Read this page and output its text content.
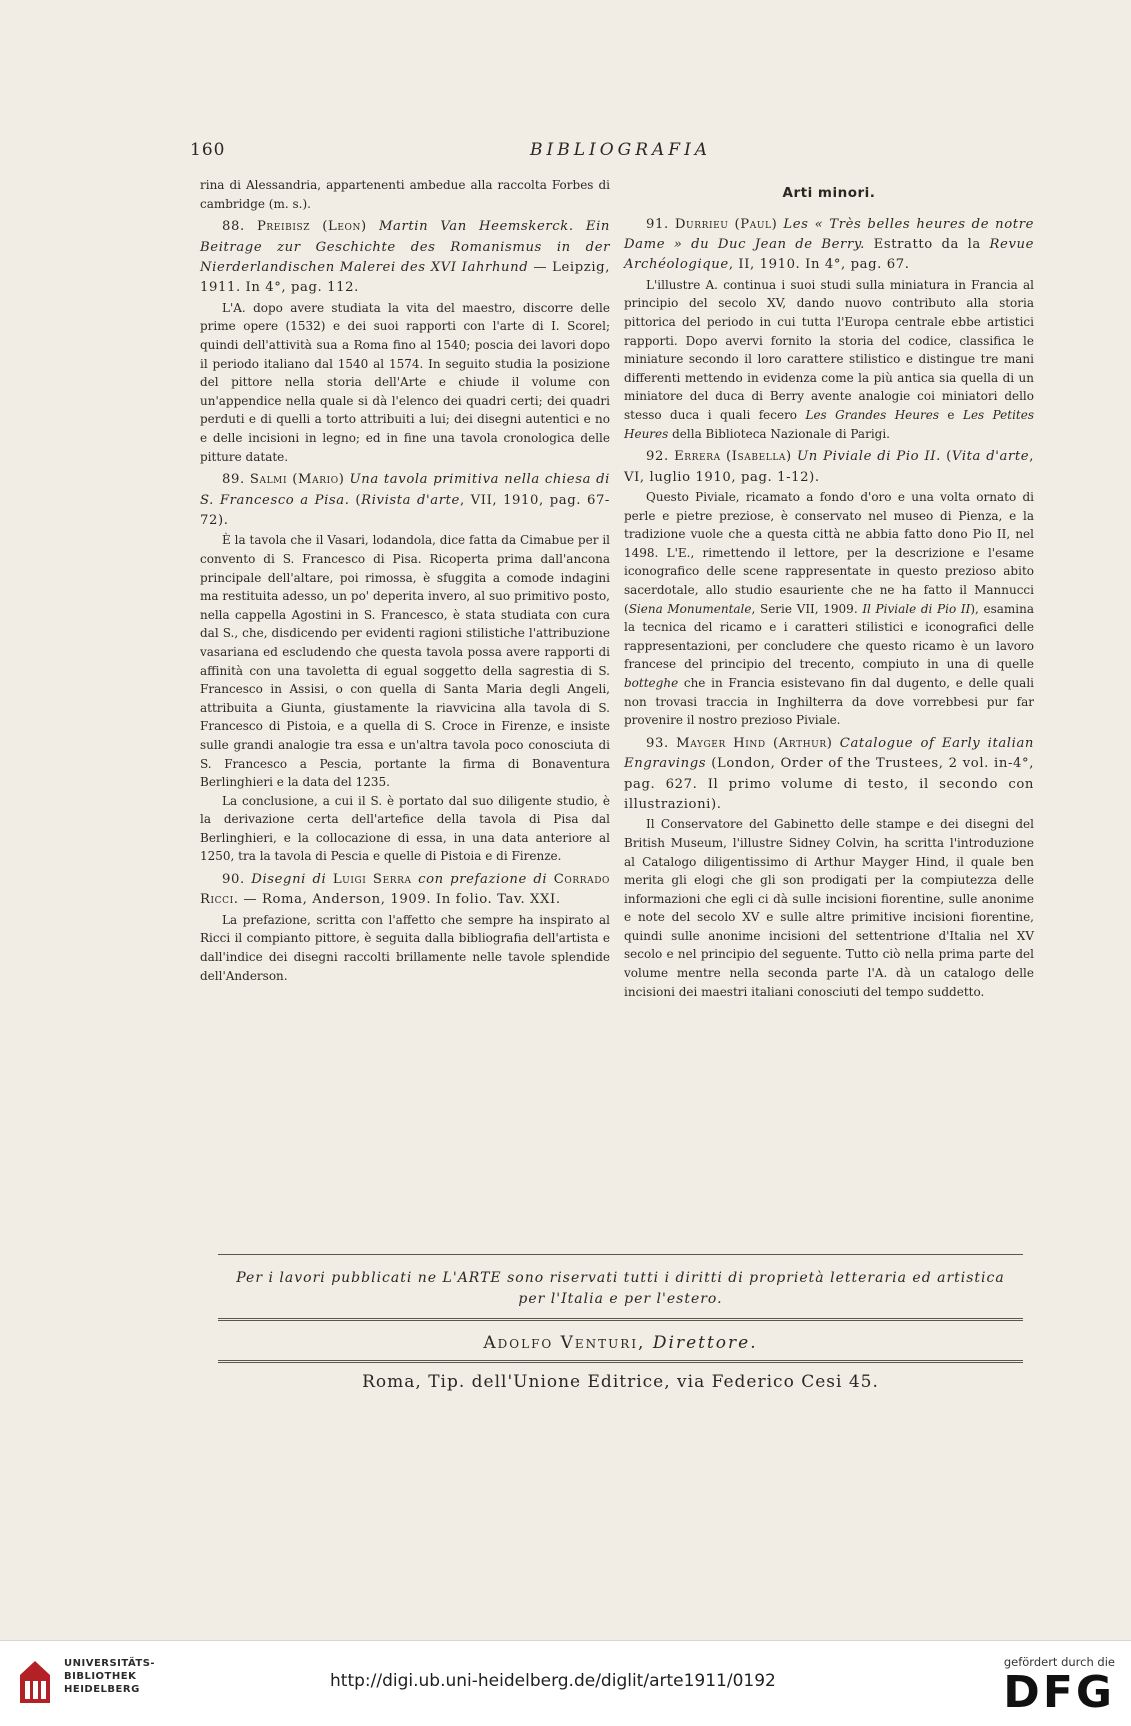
160	BIBLIOGRAFIA

rina di Alessandria, appartenenti ambedue alla raccolta Forbes di cambridge (m. s.).

88. Preibisz (Leon) Martin Van Heemskerck. Ein Beitrage zur Geschichte des Romanismus in der Nierderlandischen Malerei des XVI Iahrhund — Leipzig, 1911. In 4°, pag. 112.

L'A. dopo avere studiata la vita del maestro, discorre delle prime opere (1532) e dei suoi rapporti con l'arte di I. Scorel; quindi dell'attività sua a Roma fino al 1540; poscia dei lavori dopo il periodo italiano dal 1540 al 1574. In seguito studia la posizione del pittore nella storia dell'Arte e chiude il volume con un'appendice nella quale si dà l'elenco dei quadri certi; dei quadri perduti e di quelli a torto attribuiti a lui; dei disegni autentici e no e delle incisioni in legno; ed in fine una tavola cronologica delle pitture datate.

89. Salmi (Mario) Una tavola primitiva nella chiesa di S. Francesco a Pisa. (Rivista d'arte, VII, 1910, pag. 67-72).

È la tavola che il Vasari, lodandola, dice fatta da Cimabue per il convento di S. Francesco di Pisa. Ricoperta prima dall'ancona principale dell'altare, poi rimossa, è sfuggita a comode indagini ma restituita adesso, un po' deperita invero, al suo primitivo posto, nella cappella Agostini in S. Francesco, è stata studiata con cura dal S., che, disdicendo per evidenti ragioni stilistiche l'attribuzione vasariana ed escludendo che questa tavola possa avere rapporti di affinità con una tavoletta di egual soggetto della sagrestia di S. Francesco in Assisi, o con quella di Santa Maria degli Angeli, attribuita a Giunta, giustamente la riavvicina alla tavola di S. Francesco di Pistoia, e a quella di S. Croce in Firenze, e insiste sulle grandi analogie tra essa e un'altra tavola poco conosciuta di S. Francesco a Pescia, portante la firma di Bonaventura Berlinghieri e la data del 1235.

La conclusione, a cui il S. è portato dal suo diligente studio, è la derivazione certa dell'artefice della tavola di Pisa dal Berlinghieri, e la collocazione di essa, in una data anteriore al 1250, tra la tavola di Pescia e quelle di Pistoia e di Firenze.

90. Disegni di Luigi Serra con prefazione di Corrado Ricci. — Roma, Anderson, 1909. In folio. Tav. XXI.

La prefazione, scritta con l'affetto che sempre ha inspirato al Ricci il compianto pittore, è seguita dalla bibliografia dell'artista e dall'indice dei disegni raccolti brillamente nelle tavole splendide dell'Anderson.

Arti minori.

91. Durrieu (Paul) Les « Très belles heures de notre Dame » du Duc Jean de Berry. Estratto da la Revue Archéologique, II, 1910. In 4°, pag. 67.

L'illustre A. continua i suoi studi sulla miniatura in Francia al principio del secolo XV, dando nuovo contributo alla storia pittorica del periodo in cui tutta l'Europa centrale ebbe artistici rapporti. Dopo avervi fornito la storia del codice, classifica le miniature secondo il loro carattere stilistico e distingue tre mani differenti mettendo in evidenza come la più antica sia quella di un miniatore del duca di Berry avente analogie coi miniatori dello stesso duca i quali fecero Les Grandes Heures e Les Petites Heures della Biblioteca Nazionale di Parigi.

92. Errera (Isabella) Un Piviale di Pio II. (Vita d'arte, VI, luglio 1910, pag. 1-12).

Questo Piviale, ricamato a fondo d'oro e una volta ornato di perle e pietre preziose, è conservato nel museo di Pienza, e la tradizione vuole che a questa città ne abbia fatto dono Pio II, nel 1498. L'E., rimettendo il lettore, per la descrizione e l'esame iconografico delle scene rappresentate in questo prezioso abito sacerdotale, allo studio esauriente che ne ha fatto il Mannucci (Siena Monumentale, Serie VII, 1909. Il Piviale di Pio II), esamina la tecnica del ricamo e i caratteri stilistici e iconografici delle rappresentazioni, per concludere che questo ricamo è un lavoro francese del principio del trecento, compiuto in una di quelle botteghe che in Francia esistevano fin dal dugento, e delle quali non trovasi traccia in Inghilterra da dove vorrebbesi pur far provenire il nostro prezioso Piviale.

93. Mayger Hind (Arthur) Catalogue of Early italian Engravings (London, Order of the Trustees, 2 vol. in-4°, pag. 627. Il primo volume di testo, il secondo con illustrazioni).

Il Conservatore del Gabinetto delle stampe e dei disegni del British Museum, l'illustre Sidney Colvin, ha scritta l'introduzione al Catalogo diligentissimo di Arthur Mayger Hind, il quale ben merita gli elogi che gli son prodigati per la compiutezza delle informazioni che egli ci dà sulle incisioni fiorentine, sulle anonime e note del secolo XV e sulle altre primitive incisioni fiorentine, quindi sulle anonime incisioni del settentrione d'Italia nel XV secolo e nel principio del seguente. Tutto ciò nella prima parte del volume mentre nella seconda parte l'A. dà un catalogo delle incisioni dei maestri italiani conosciuti del tempo suddetto.

Per i lavori pubblicati ne L'ARTE sono riservati tutti i diritti di proprietà letteraria ed artistica
per l'Italia e per l'estero.
Adolfo Venturi, Direttore.
Roma, Tip. dell'Unione Editrice, via Federico Cesi 45.
UNIVERSITÄTS-
BIBLIOTHEK
HEIDELBERG	http://digi.ub.uni-heidelberg.de/diglit/arte1911/0192
gefördert durch die
DFG
